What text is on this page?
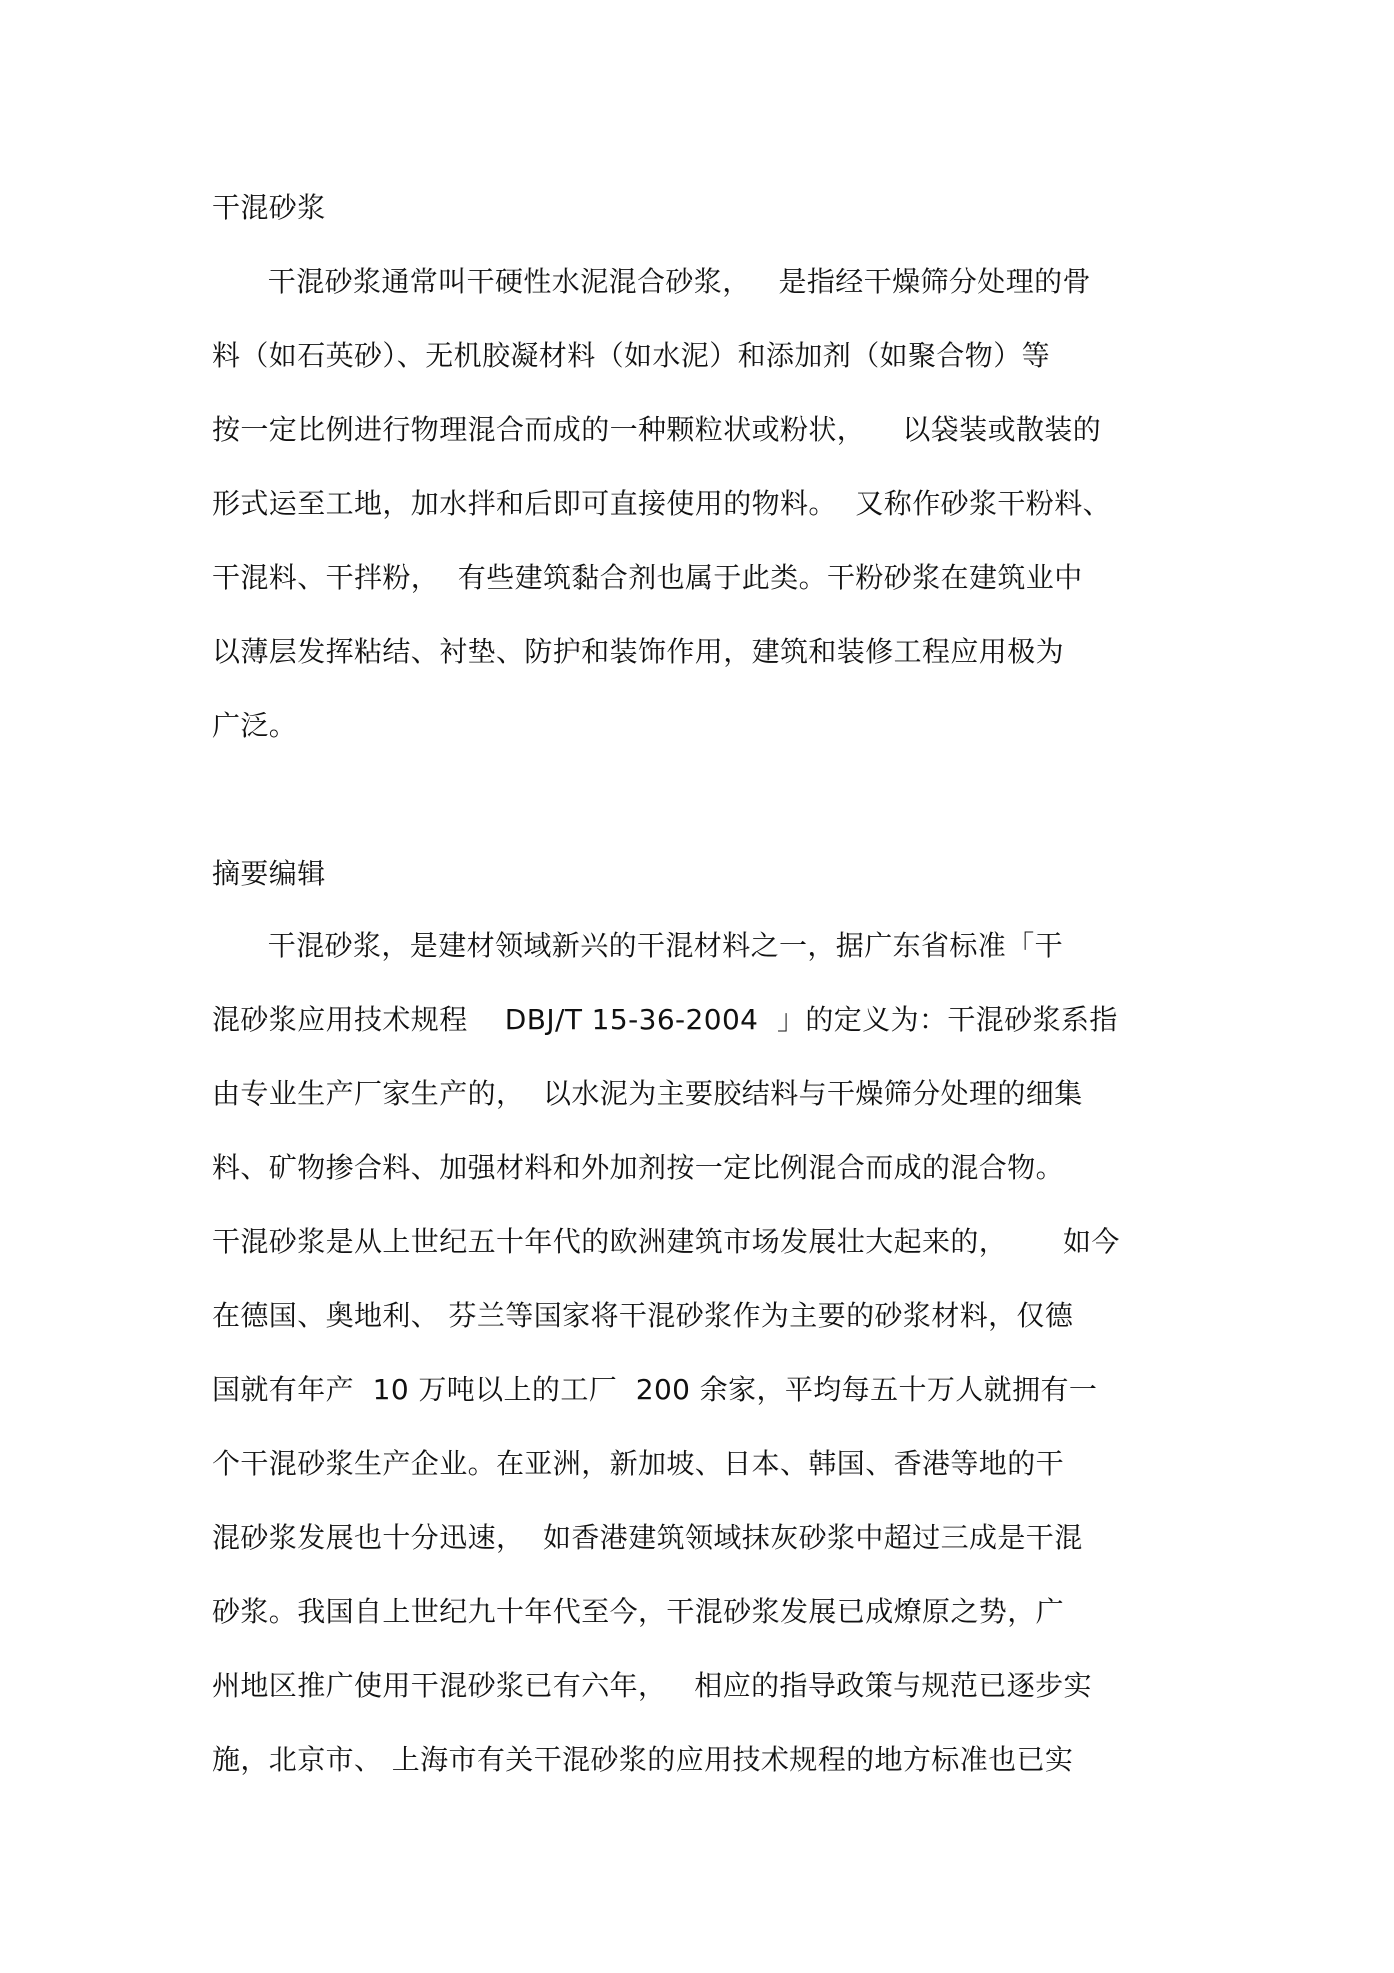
干混砂浆
干混砂浆通常叫干硬性水泥混合砂浆，   是指经干燥筛分处理的骨
料（如石英砂）、无机胶凝材料（如水泥）和添加剂（如聚合物）等
按一定比例进行物理混合而成的一种颗粒状或粉状，    以袋装或散装的
形式运至工地，加水拌和后即可直接使用的物料。  又称作砂浆干粉料、
干混料、干拌粉，  有些建筑黏合剂也属于此类。干粉砂浆在建筑业中
以薄层发挥粘结、衬垫、防护和装饰作用，建筑和装修工程应用极为
广泛。
摘要编辑
干混砂浆，是建材领域新兴的干混材料之一，据广东省标准「干
混砂浆应用技术规程    DBJ/T 15-36-2004  」的定义为：干混砂浆系指
由专业生产厂家生产的，  以水泥为主要胶结料与干燥筛分处理的细集
料、矿物掺合料、加强材料和外加剂按一定比例混合而成的混合物。
干混砂浆是从上世纪五十年代的欧洲建筑市场发展壮大起来的，      如今
在德国、奥地利、 芬兰等国家将干混砂浆作为主要的砂浆材料，仅德
国就有年产  10 万吨以上的工厂  200 余家，平均每五十万人就拥有一
个干混砂浆生产企业。在亚洲，新加坡、日本、韩国、香港等地的干
混砂浆发展也十分迅速，  如香港建筑领域抹灰砂浆中超过三成是干混
砂浆。我国自上世纪九十年代至今，干混砂浆发展已成燎原之势，广
州地区推广使用干混砂浆已有六年，   相应的指导政策与规范已逐步实
施，北京市、 上海市有关干混砂浆的应用技术规程的地方标准也已实
